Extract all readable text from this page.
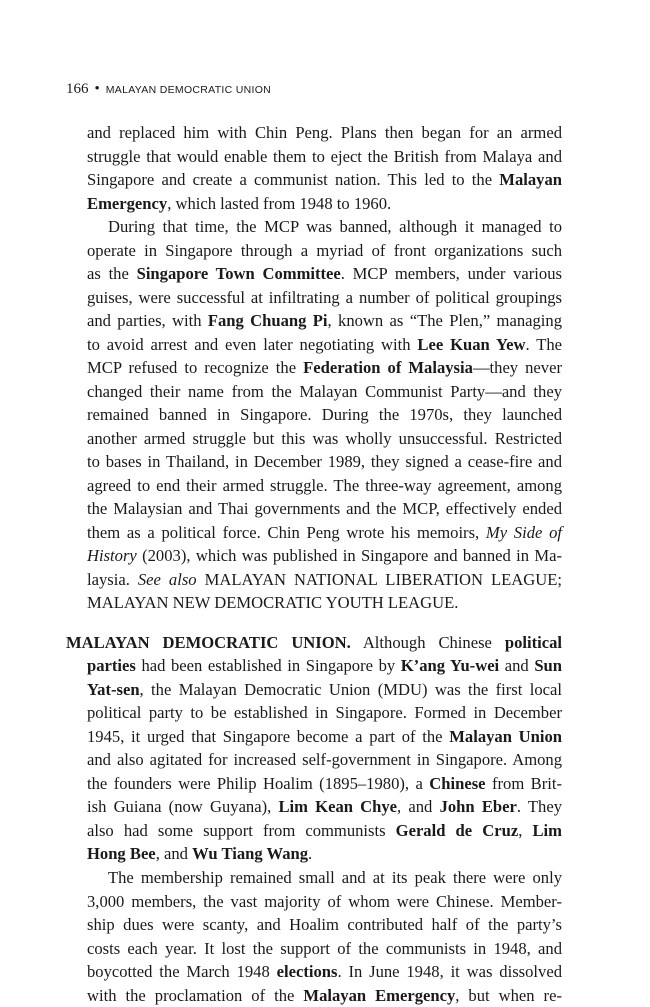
166 • MALAYAN DEMOCRATIC UNION
and replaced him with Chin Peng. Plans then began for an armed
struggle that would enable them to eject the British from Malaya and
Singapore and create a communist nation. This led to the Malayan
Emergency, which lasted from 1948 to 1960.
During that time, the MCP was banned, although it managed to
operate in Singapore through a myriad of front organizations such
as the Singapore Town Committee. MCP members, under various
guises, were successful at infiltrating a number of political groupings
and parties, with Fang Chuang Pi, known as “The Plen,” managing
to avoid arrest and even later negotiating with Lee Kuan Yew. The
MCP refused to recognize the Federation of Malaysia—they never
changed their name from the Malayan Communist Party—and they
remained banned in Singapore. During the 1970s, they launched
another armed struggle but this was wholly unsuccessful. Restricted
to bases in Thailand, in December 1989, they signed a cease-fire and
agreed to end their armed struggle. The three-way agreement, among
the Malaysian and Thai governments and the MCP, effectively ended
them as a political force. Chin Peng wrote his memoirs, My Side of
History (2003), which was published in Singapore and banned in Ma-
laysia. See also MALAYAN NATIONAL LIBERATION LEAGUE;
MALAYAN NEW DEMOCRATIC YOUTH LEAGUE.
MALAYAN DEMOCRATIC UNION. Although Chinese political
parties had been established in Singapore by K’ang Yu-wei and Sun
Yat-sen, the Malayan Democratic Union (MDU) was the first local
political party to be established in Singapore. Formed in December
1945, it urged that Singapore become a part of the Malayan Union
and also agitated for increased self-government in Singapore. Among
the founders were Philip Hoalim (1895–1980), a Chinese from Brit-
ish Guiana (now Guyana), Lim Kean Chye, and John Eber. They
also had some support from communists Gerald de Cruz, Lim
Hong Bee, and Wu Tiang Wang.
The membership remained small and at its peak there were only
3,000 members, the vast majority of whom were Chinese. Member-
ship dues were scanty, and Hoalim contributed half of the party’s
costs each year. It lost the support of the communists in 1948, and
boycotted the March 1948 elections. In June 1948, it was dissolved
with the proclamation of the Malayan Emergency, but when re-
